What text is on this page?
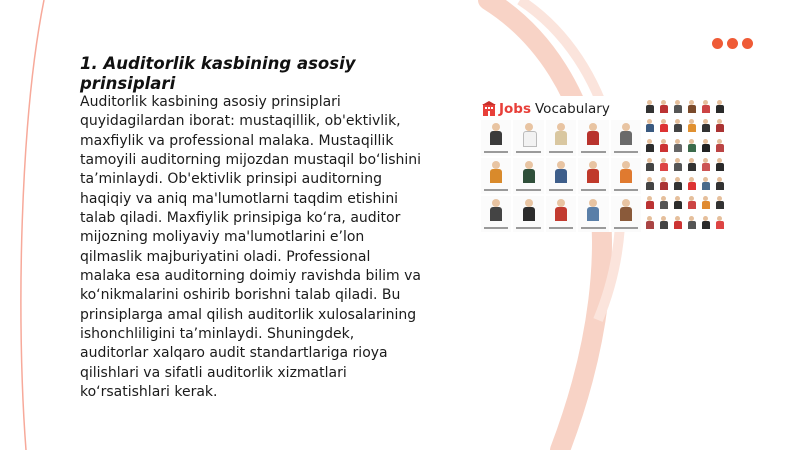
1. Auditorlik kasbining asosiy prinsiplari

Auditorlik kasbining asosiy prinsiplari quyidagilardan iborat: mustaqillik, ob'ektivlik, maxfiylik va professional malaka. Mustaqillik tamoyili auditorning mijozdan mustaqil bo‘lishini ta’minlaydi. Ob'ektivlik prinsipi auditorning haqiqiy va aniq ma'lumotlarni taqdim etishini talab qiladi. Maxfiylik prinsipiga ko‘ra, auditor mijozning moliyaviy ma'lumotlarini e’lon qilmaslik majburiyatini oladi. Professional malaka esa auditorning doimiy ravishda bilim va ko‘nikmalarini oshirib borishni talab qiladi. Bu prinsiplarga amal qilish auditorlik xulosalarining ishonchliligini ta’minlaydi. Shuningdek, auditorlar xalqaro audit standartlariga rioya qilishlari va sifatli auditorlik xizmatlari ko‘rsatishlari kerak.

Jobs Vocabulary
